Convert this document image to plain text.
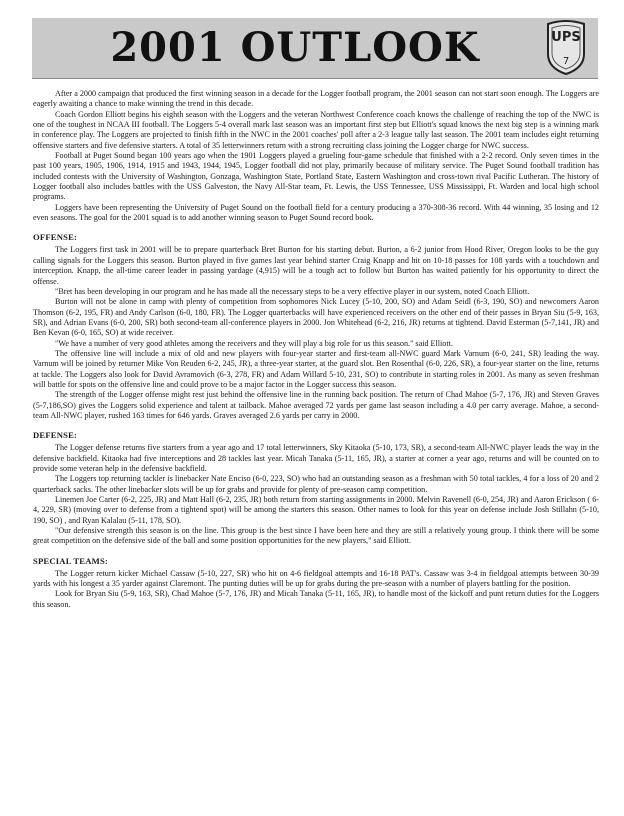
2001 OUTLOOK	UPS
7

After a 2000 campaign that produced the first winning season in a decade for the Logger football program, the 2001 season can not start soon enough. The Loggers are eagerly awaiting a chance to make winning the trend in this decade.

Coach Gordon Elliott begins his eighth season with the Loggers and the veteran Northwest Conference coach knows the challenge of reaching the top of the NWC is one of the toughest in NCAA III football. The Loggers 5-4 overall mark last season was an important first step but Elliott's squad knows the next big step is a winning mark in conference play. The Loggers are projected to finish fifth in the NWC in the 2001 coaches' poll after a 2-3 league tally last season. The 2001 team includes eight returning offensive starters and five defensive starters. A total of 35 letterwinners return with a strong recruiting class joining the Logger charge for NWC success.

Football at Puget Sound began 100 years ago when the 1901 Loggers played a grueling four-game schedule that finished with a 2-2 record. Only seven times in the past 100 years, 1905, 1906, 1914, 1915 and 1943, 1944, 1945, Logger football did not play, primarily because of military service. The Puget Sound football tradition has included contests with the University of Washington, Gonzaga, Washington State, Portland State, Eastern Washington and cross-town rival Pacific Lutheran. The history of Logger football also includes battles with the USS Galveston, the Navy All-Star team, Ft. Lewis, the USS Tennessee, USS Mississippi, Ft. Warden and local high school programs.

Loggers have been representing the University of Puget Sound on the football field for a century producing a 370-308-36 record. With 44 winning, 35 losing and 12 even seasons. The goal for the 2001 squad is to add another winning season to Puget Sound record book.

OFFENSE:

The Loggers first task in 2001 will be to prepare quarterback Bret Burton for his starting debut. Burton, a 6-2 junior from Hood River, Oregon looks to be the guy calling signals for the Loggers this season. Burton played in five games last year behind starter Craig Knapp and hit on 10-18 passes for 108 yards with a touchdown and interception. Knapp, the all-time career leader in passing yardage (4,915) will be a tough act to follow but Burton has waited patiently for his opportunity to direct the offense.

"Bret has been developing in our program and he has made all the necessary steps to be a very effective player in our system, noted Coach Elliott.

Burton will not be alone in camp with plenty of competition from sophomores Nick Lucey (5-10, 200, SO) and Adam Seidl (6-3, 190, SO) and newcomers Aaron Thomson (6-2, 195, FR) and Andy Carlson (6-0, 180, FR). The Logger quarterbacks will have experienced receivers on the other end of their passes in Bryan Siu (5-9, 163, SR), and Adrian Evans (6-0, 200, SR) both second-team all-conference players in 2000. Jon Whitehead (6-2, 216, JR) returns at tightend. David Esterman (5-7,141, JR) and Ben Kevan (6-0, 165, SO) at wide receiver.

"We have a number of very good athletes among the receivers and they will play a big role for us this season." said Elliott.

The offensive line will include a mix of old and new players with four-year starter and first-team all-NWC guard Mark Varnum (6-0, 241, SR) leading the way. Varnum will be joined by returner Mike Von Reuden 6-2, 245, JR), a three-year starter, at the guard slot. Ben Rosenthal (6-0, 226, SR), a four-year starter on the line, returns at tackle. The Loggers also look for David Avramovich (6-3, 278, FR) and Adam Willard 5-10, 231, SO) to contribute in starting roles in 2001. As many as seven freshman will battle for spots on the offensive line and could prove to be a major factor in the Logger success this season.

The strength of the Logger offense might rest just behind the offensive line in the running back position. The return of Chad Mahoe (5-7, 176, JR) and Steven Graves (5-7,186,SO) gives the Loggers solid experience and talent at tailback. Mahoe averaged 72 yards per game last season including a 4.0 per carry average. Mahoe, a second-team All-NWC player, rushed 163 times for 646 yards. Graves averaged 2.6 yards per carry in 2000.

DEFENSE:

The Logger defense returns five starters from a year ago and 17 total letterwinners, Sky Kitaoka (5-10, 173, SR), a second-team All-NWC player leads the way in the defensive backfield. Kitaoka had five interceptions and 28 tackles last year. Micah Tanaka (5-11, 165, JR), a starter at corner a year ago, returns and will be counted on to provide some veteran help in the defensive backfield.

The Loggers top returning tackler is linebacker Nate Enciso (6-0, 223, SO) who had an outstanding season as a freshman with 50 total tackles, 4 for a loss of 20 and 2 quarterback sacks. The other linebacker slots will be up for grabs and provide for plenty of pre-season camp competition.

Linemen Joe Carter (6-2, 225, JR) and Matt Hall (6-2, 235, JR) both return from starting assignments in 2000. Melvin Ravenell (6-0, 254, JR) and Aaron Erickson ( 6-4, 229, SR) (moving over to defense from a tightend spot) will be among the starters this season. Other names to look for this year on defense include Josh Stillahn (5-10, 190, SO) , and Ryan Kalalau (5-11, 178, SO).

"Our defensive strength this season is on the line. This group is the best since I have been here and they are still a relatively young group. I think there will be some great competition on the defensive side of the ball and some position opportunities for the new players," said Elliott.

SPECIAL TEAMS:

The Logger return kicker Michael Cassaw (5-10, 227, SR) who hit on 4-6 fieldgoal attempts and 16-18 PAT's. Cassaw was 3-4 in fieldgoal attempts between 30-39 yards with his longest a 35 yarder against Claremont. The punting duties will be up for grabs during the pre-season with a number of players battling for the position.

Look for Bryan Siu (5-9, 163, SR), Chad Mahoe (5-7, 176, JR) and Micah Tanaka (5-11, 165, JR), to handle most of the kickoff and punt return duties for the Loggers this season.
